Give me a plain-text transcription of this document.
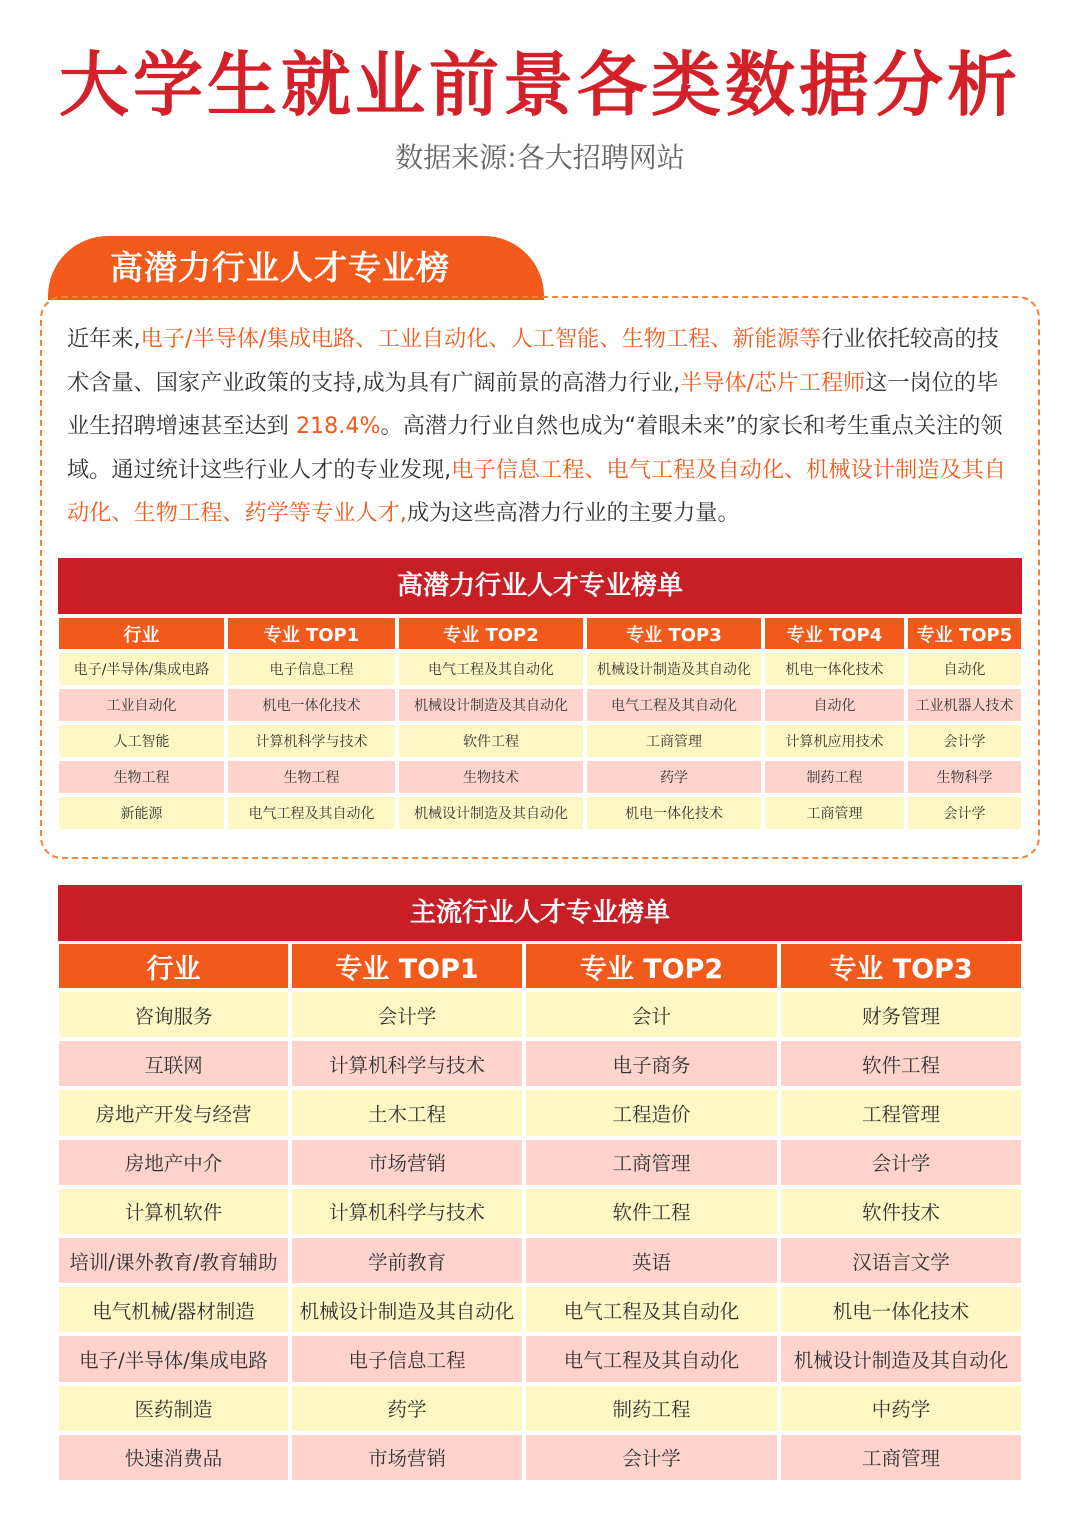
大学生就业前景各类数据分析
数据来源:各大招聘网站
高潜力行业人才专业榜

近年来,电子/半导体/集成电路、工业自动化、人工智能、生物工程、新能源等行业依托较高的技术含量、国家产业政策的支持,成为具有广阔前景的高潜力行业,半导体/芯片工程师这一岗位的毕业生招聘增速甚至达到 218.4%。高潜力行业自然也成为“着眼未来”的家长和考生重点关注的领域。通过统计这些行业人才的专业发现,电子信息工程、电气工程及自动化、机械设计制造及其自动化、生物工程、药学等专业人才,成为这些高潜力行业的主要力量。

高潜力行业人才专业榜单
行业	专业 TOP1	专业 TOP2	专业 TOP3	专业 TOP4	专业 TOP5
电子/半导体/集成电路	电子信息工程	电气工程及其自动化	机械设计制造及其自动化	机电一体化技术	自动化
工业自动化	机电一体化技术	机械设计制造及其自动化	电气工程及其自动化	自动化	工业机器人技术
人工智能	计算机科学与技术	软件工程	工商管理	计算机应用技术	会计学
生物工程	生物工程	生物技术	药学	制药工程	生物科学
新能源	电气工程及其自动化	机械设计制造及其自动化	机电一体化技术	工商管理	会计学
主流行业人才专业榜单
行业	专业 TOP1	专业 TOP2	专业 TOP3
咨询服务	会计学	会计	财务管理
互联网	计算机科学与技术	电子商务	软件工程
房地产开发与经营	土木工程	工程造价	工程管理
房地产中介	市场营销	工商管理	会计学
计算机软件	计算机科学与技术	软件工程	软件技术
培训/课外教育/教育辅助	学前教育	英语	汉语言文学
电气机械/器材制造	机械设计制造及其自动化	电气工程及其自动化	机电一体化技术
电子/半导体/集成电路	电子信息工程	电气工程及其自动化	机械设计制造及其自动化
医药制造	药学	制药工程	中药学
快速消费品	市场营销	会计学	工商管理
